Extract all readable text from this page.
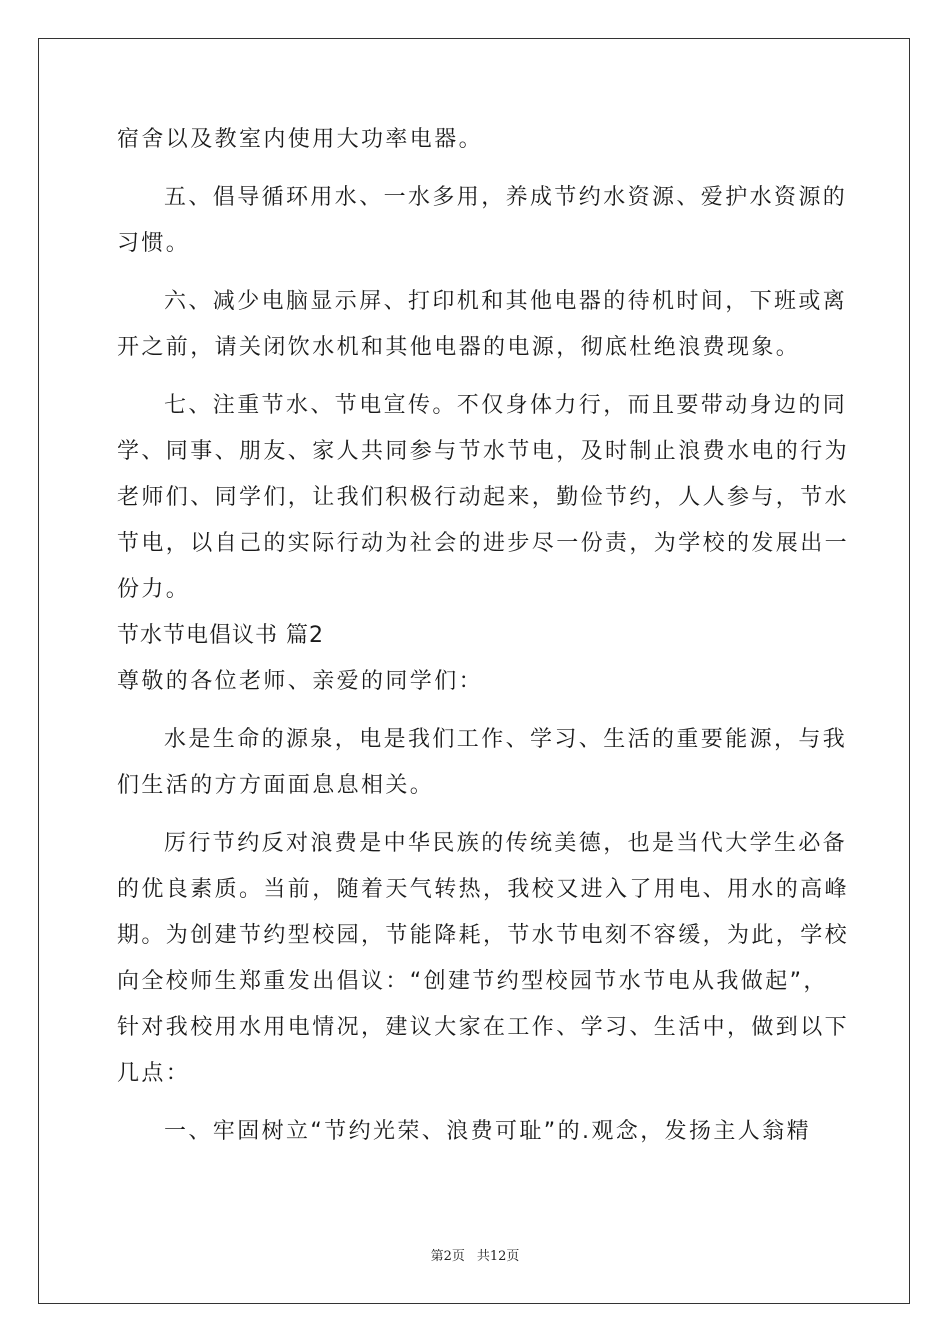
宿舍以及教室内使用大功率电器。
五、倡导循环用水、一水多用，养成节约水资源、爱护水资源的
习惯。
六、减少电脑显示屏、打印机和其他电器的待机时间，下班或离
开之前，请关闭饮水机和其他电器的电源，彻底杜绝浪费现象。
七、注重节水、节电宣传。不仅身体力行，而且要带动身边的同
学、同事、朋友、家人共同参与节水节电，及时制止浪费水电的行为
老师们、同学们，让我们积极行动起来，勤俭节约，人人参与，节水
节电，以自己的实际行动为社会的进步尽一份责，为学校的发展出一
份力。
节水节电倡议书 篇2
尊敬的各位老师、亲爱的同学们：
水是生命的源泉，电是我们工作、学习、生活的重要能源，与我
们生活的方方面面息息相关。
厉行节约反对浪费是中华民族的传统美德，也是当代大学生必备
的优良素质。当前，随着天气转热，我校又进入了用电、用水的高峰
期。为创建节约型校园，节能降耗，节水节电刻不容缓，为此，学校
向全校师生郑重发出倡议：“创建节约型校园节水节电从我做起”，
针对我校用水用电情况，建议大家在工作、学习、生活中，做到以下
几点：
一、牢固树立“节约光荣、浪费可耻”的.观念，发扬主人翁精
第2页 共12页
